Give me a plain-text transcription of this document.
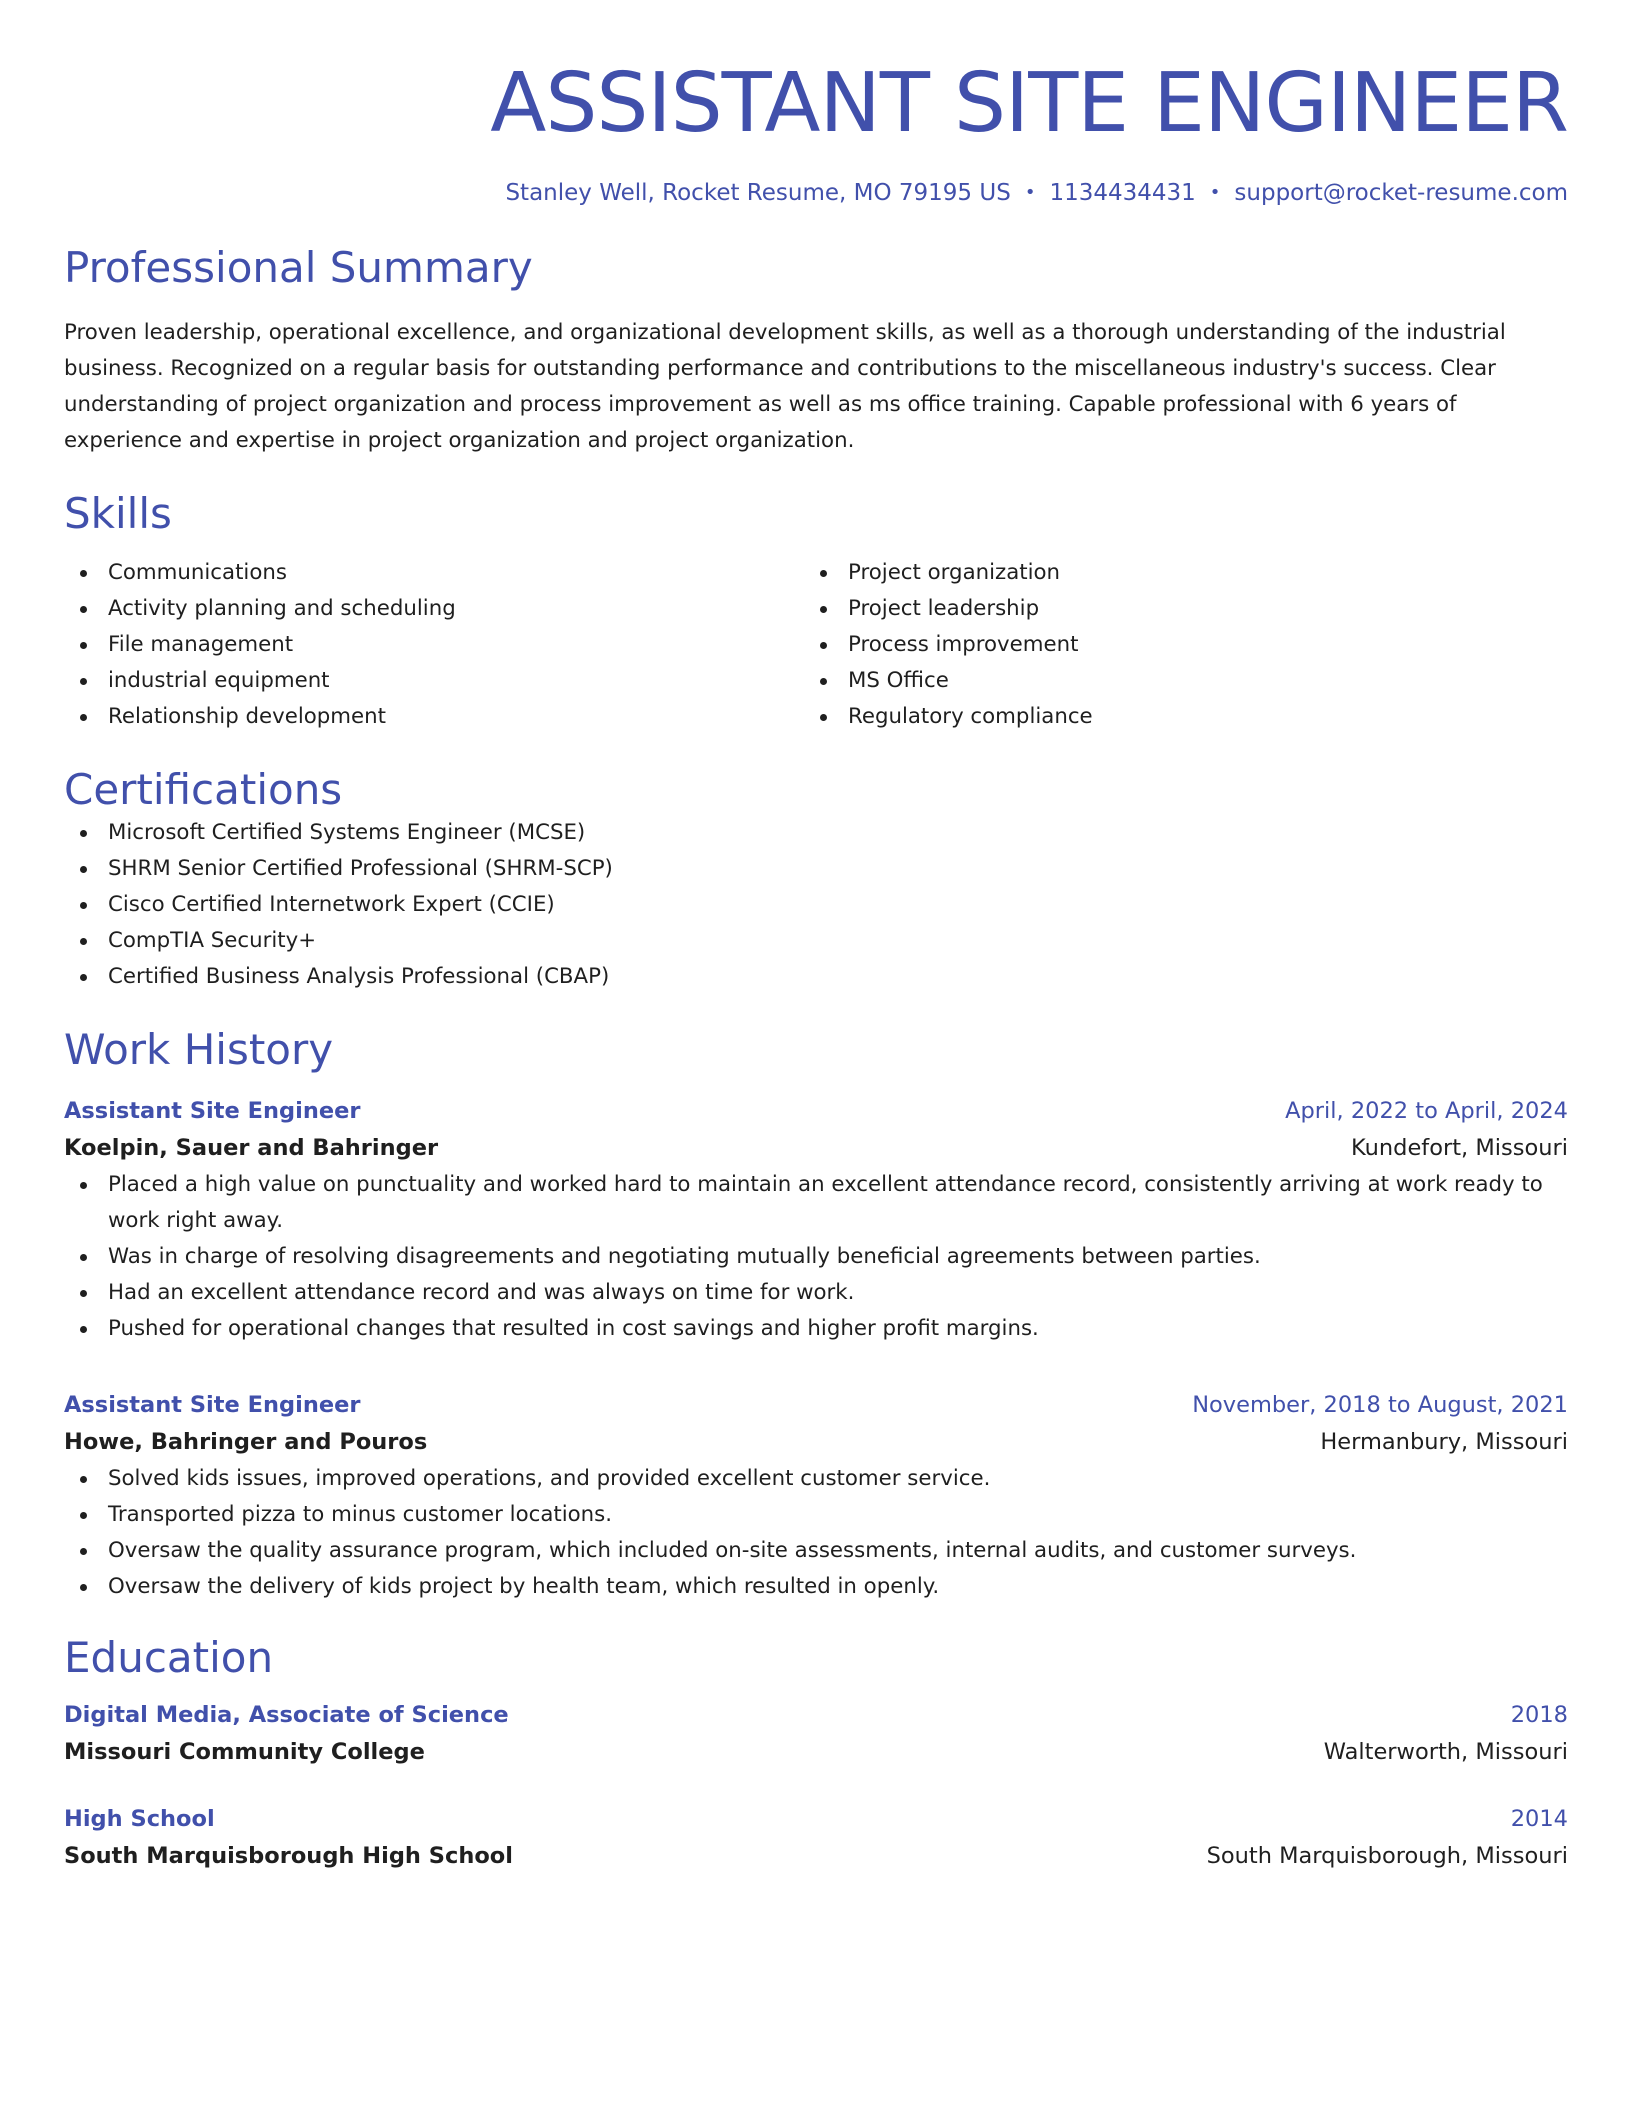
ASSISTANT SITE ENGINEER
Stanley Well, Rocket Resume, MO 79195 US • 1134434431 • support@rocket-resume.com
Professional Summary

Proven leadership, operational excellence, and organizational development skills, as well as a thorough understanding of the industrial business. Recognized on a regular basis for outstanding performance and contributions to the miscellaneous industry's success. Clear understanding of project organization and process improvement as well as ms office training. Capable professional with 6 years of experience and expertise in project organization and project organization.

Skills
Communications
Activity planning and scheduling
File management
industrial equipment
Relationship development
Project organization
Project leadership
Process improvement
MS Office
Regulatory compliance
Certifications
Microsoft Certified Systems Engineer (MCSE)
SHRM Senior Certified Professional (SHRM-SCP)
Cisco Certified Internetwork Expert (CCIE)
CompTIA Security+
Certified Business Analysis Professional (CBAP)
Work History
Assistant Site Engineer	April, 2022 to April, 2024
Koelpin, Sauer and Bahringer	Kundefort, Missouri
Placed a high value on punctuality and worked hard to maintain an excellent attendance record, consistently arriving at work ready to work right away.
Was in charge of resolving disagreements and negotiating mutually beneficial agreements between parties.
Had an excellent attendance record and was always on time for work.
Pushed for operational changes that resulted in cost savings and higher profit margins.
Assistant Site Engineer	November, 2018 to August, 2021
Howe, Bahringer and Pouros	Hermanbury, Missouri
Solved kids issues, improved operations, and provided excellent customer service.
Transported pizza to minus customer locations.
Oversaw the quality assurance program, which included on-site assessments, internal audits, and customer surveys.
Oversaw the delivery of kids project by health team, which resulted in openly.
Education
Digital Media, Associate of Science	2018
Missouri Community College	Walterworth, Missouri
High School	2014
South Marquisborough High School	South Marquisborough, Missouri
